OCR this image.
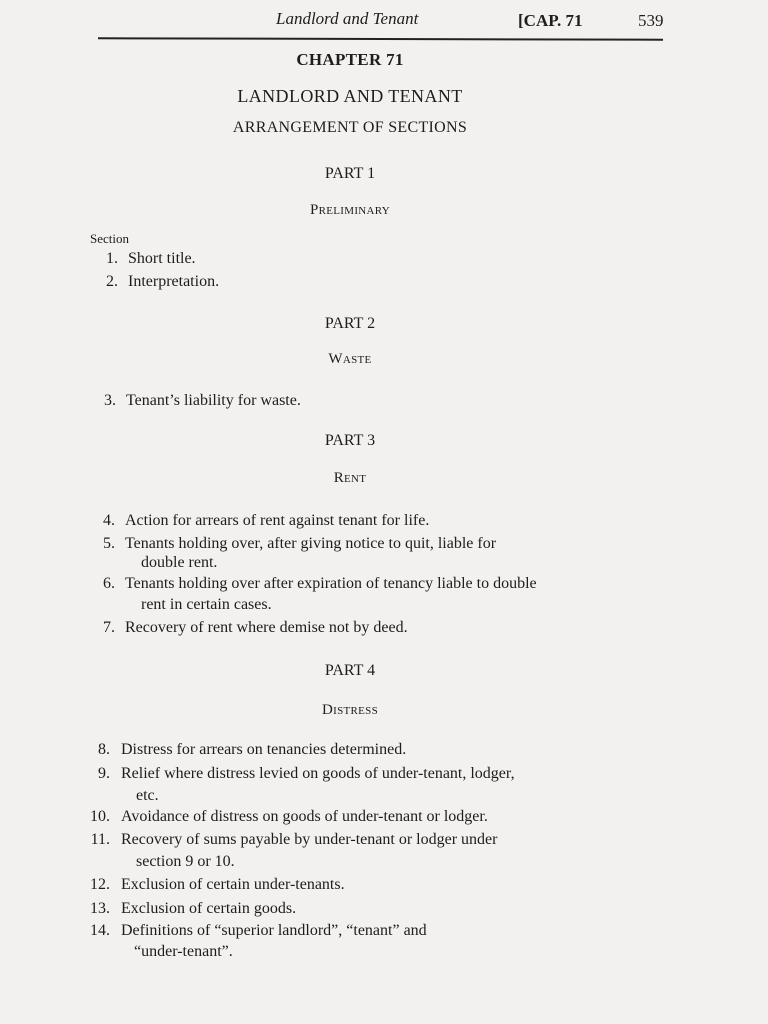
Landlord and Tenant	[CAP. 71	539
CHAPTER 71
LANDLORD AND TENANT
ARRANGEMENT OF SECTIONS
PART 1
Preliminary
Section
1. Short title.
2. Interpretation.
PART 2
Waste
3. Tenant’s liability for waste.
PART 3
Rent
4. Action for arrears of rent against tenant for life.
5. Tenants holding over, after giving notice to quit, liable for
double rent.
6. Tenants holding over after expiration of tenancy liable to double
rent in certain cases.
7. Recovery of rent where demise not by deed.
PART 4
Distress
8. Distress for arrears on tenancies determined.
9. Relief where distress levied on goods of under-tenant, lodger,
etc.
10. Avoidance of distress on goods of under-tenant or lodger.
11. Recovery of sums payable by under-tenant or lodger under
section 9 or 10.
12. Exclusion of certain under-tenants.
13. Exclusion of certain goods.
14. Definitions of “superior landlord”, “tenant” and
“under-tenant”.
